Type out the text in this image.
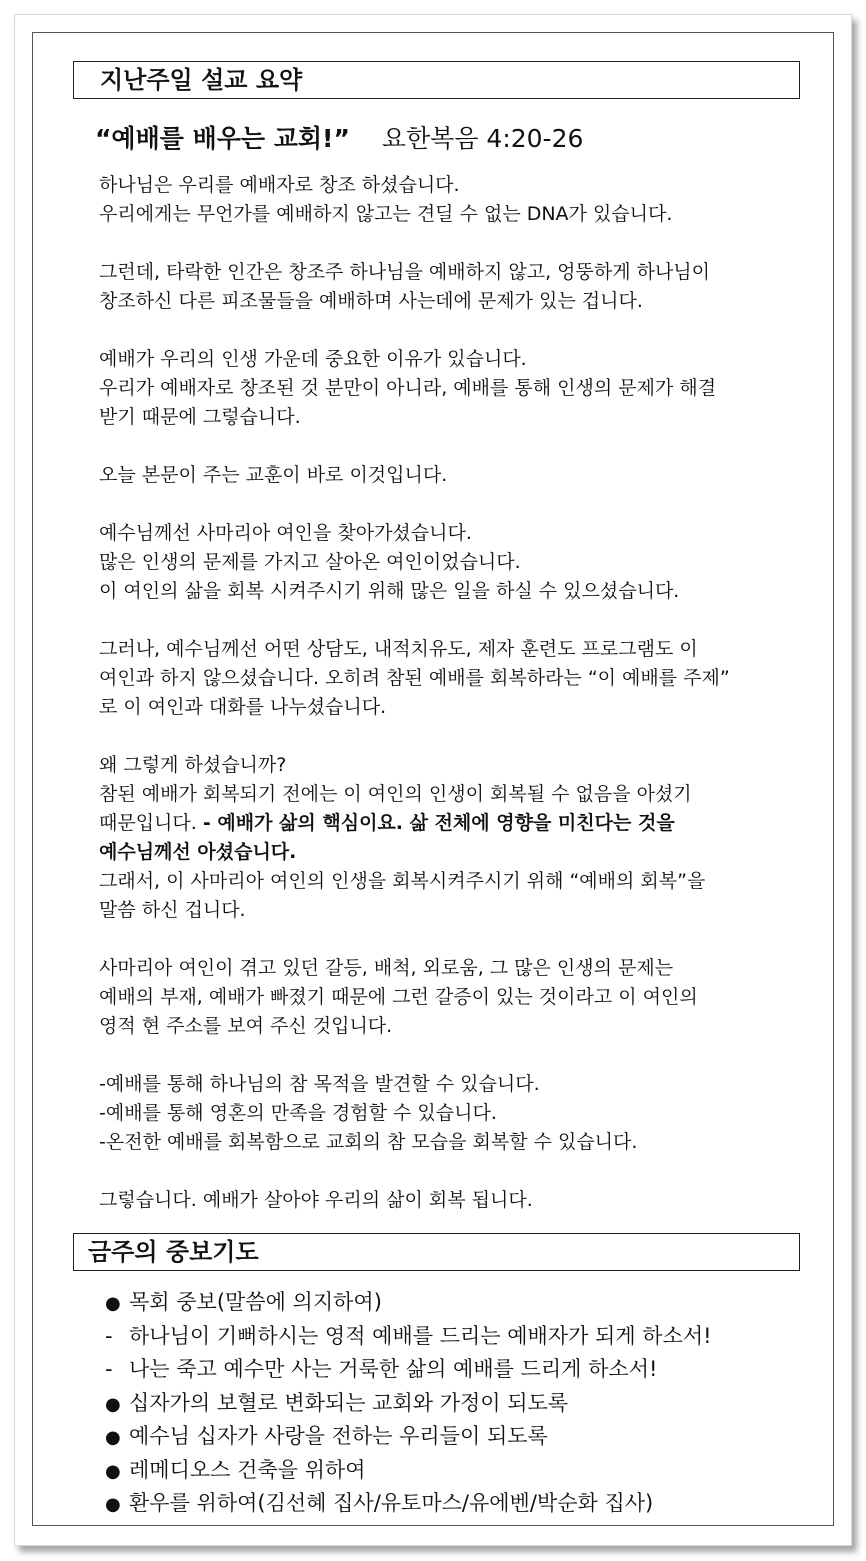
지난주일 설교 요약
“예배를 배우는 교회!” 요한복음 4:20-26
하나님은 우리를 예배자로 창조 하셨습니다.
우리에게는 무언가를 예배하지 않고는 견딜 수 없는 DNA가 있습니다.
그런데, 타락한 인간은 창조주 하나님을 예배하지 않고, 엉뚱하게 하나님이
창조하신 다른 피조물들을 예배하며 사는데에 문제가 있는 겁니다.
예배가 우리의 인생 가운데 중요한 이유가 있습니다.
우리가 예배자로 창조된 것 분만이 아니라, 예배를 통해 인생의 문제가 해결
받기 때문에 그렇습니다.
오늘 본문이 주는 교훈이 바로 이것입니다.
예수님께선 사마리아 여인을 찾아가셨습니다.
많은 인생의 문제를 가지고 살아온 여인이었습니다.
이 여인의 삶을 회복 시켜주시기 위해 많은 일을 하실 수 있으셨습니다.
그러나, 예수님께선 어떤 상담도, 내적치유도, 제자 훈련도 프로그램도 이
여인과 하지 않으셨습니다. 오히려 참된 예배를 회복하라는 “이 예배를 주제”
로 이 여인과 대화를 나누셨습니다.
왜 그렇게 하셨습니까?
참된 예배가 회복되기 전에는 이 여인의 인생이 회복될 수 없음을 아셨기
때문입니다. - 예배가 삶의 핵심이요. 삶 전체에 영향을 미친다는 것을
예수님께선 아셨습니다.
그래서, 이 사마리아 여인의 인생을 회복시켜주시기 위해 “예배의 회복”을
말씀 하신 겁니다.
사마리아 여인이 겪고 있던 갈등, 배척, 외로움, 그 많은 인생의 문제는
예배의 부재, 예배가 빠졌기 때문에 그런 갈증이 있는 것이라고 이 여인의
영적 현 주소를 보여 주신 것입니다.
-예배를 통해 하나님의 참 목적을 발견할 수 있습니다.
-예배를 통해 영혼의 만족을 경험할 수 있습니다.
-온전한 예배를 회복함으로 교회의 참 모습을 회복할 수 있습니다.
그렇습니다. 예배가 살아야 우리의 삶이 회복 됩니다.
금주의 중보기도
● 목회 중보(말씀에 의지하여)
- 하나님이 기뻐하시는 영적 예배를 드리는 예배자가 되게 하소서!
- 나는 죽고 예수만 사는 거룩한 삶의 예배를 드리게 하소서!
● 십자가의 보혈로 변화되는 교회와 가정이 되도록
● 예수님 십자가 사랑을 전하는 우리들이 되도록
● 레메디오스 건축을 위하여
● 환우를 위하여(김선혜 집사/유토마스/유에벤/박순화 집사)
